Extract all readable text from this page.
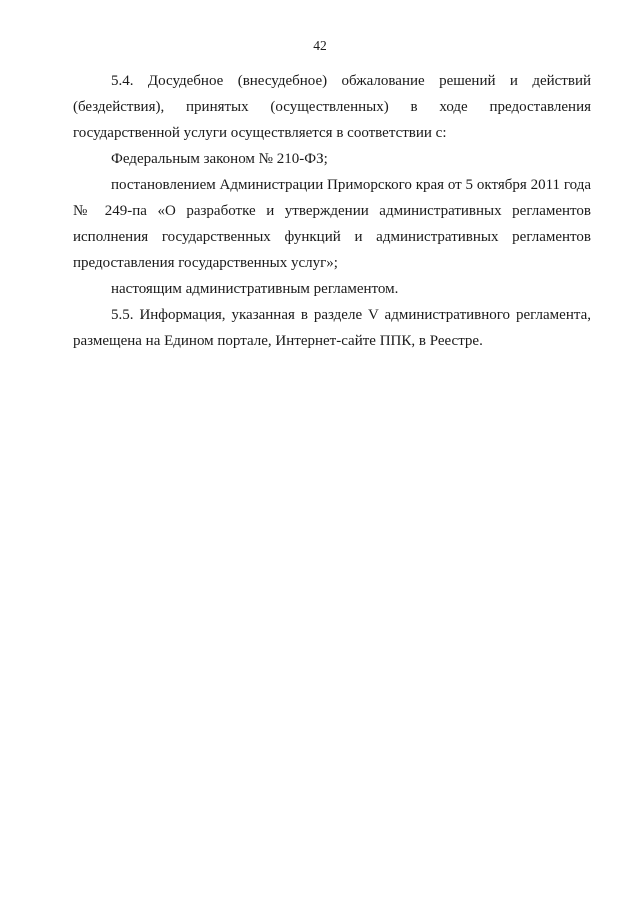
42

5.4. Досудебное (внесудебное) обжалование решений и действий (бездействия), принятых (осуществленных) в ходе предоставления государственной услуги осуществляется в соответствии с:

Федеральным законом № 210-ФЗ;

постановлением Администрации Приморского края от 5 октября 2011 года № 249-па «О разработке и утверждении административных регламентов исполнения государственных функций и административных регламентов предоставления государственных услуг»;

настоящим административным регламентом.

5.5. Информация, указанная в разделе V административного регламента, размещена на Едином портале, Интернет-сайте ППК, в Реестре.
